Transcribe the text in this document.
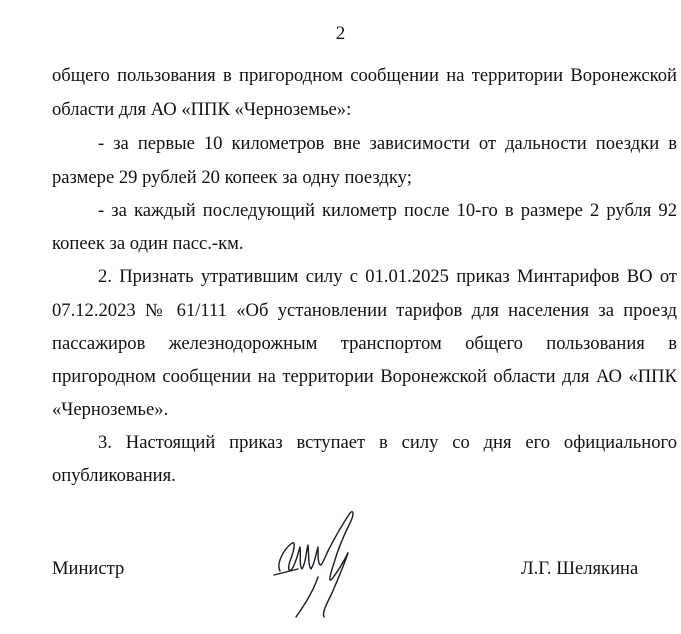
2
общего пользования в пригородном сообщении на территории Воронежской
области для АО «ППК «Черноземье»:
- за первые 10 километров вне зависимости от дальности поездки в
размере 29 рублей 20 копеек за одну поездку;
- за каждый последующий километр после 10-го в размере 2 рубля 92
копеек за один пасс.-км.
2. Признать утратившим силу с 01.01.2025 приказ Минтарифов ВО от
07.12.2023 № 61/111 «Об установлении тарифов для населения за проезд
пассажиров железнодорожным транспортом общего пользования в
пригородном сообщении на территории Воронежской области для АО «ППК
«Черноземье».
3. Настоящий приказ вступает в силу со дня его официального
опубликования.
Министр	Л.Г. Шелякина
